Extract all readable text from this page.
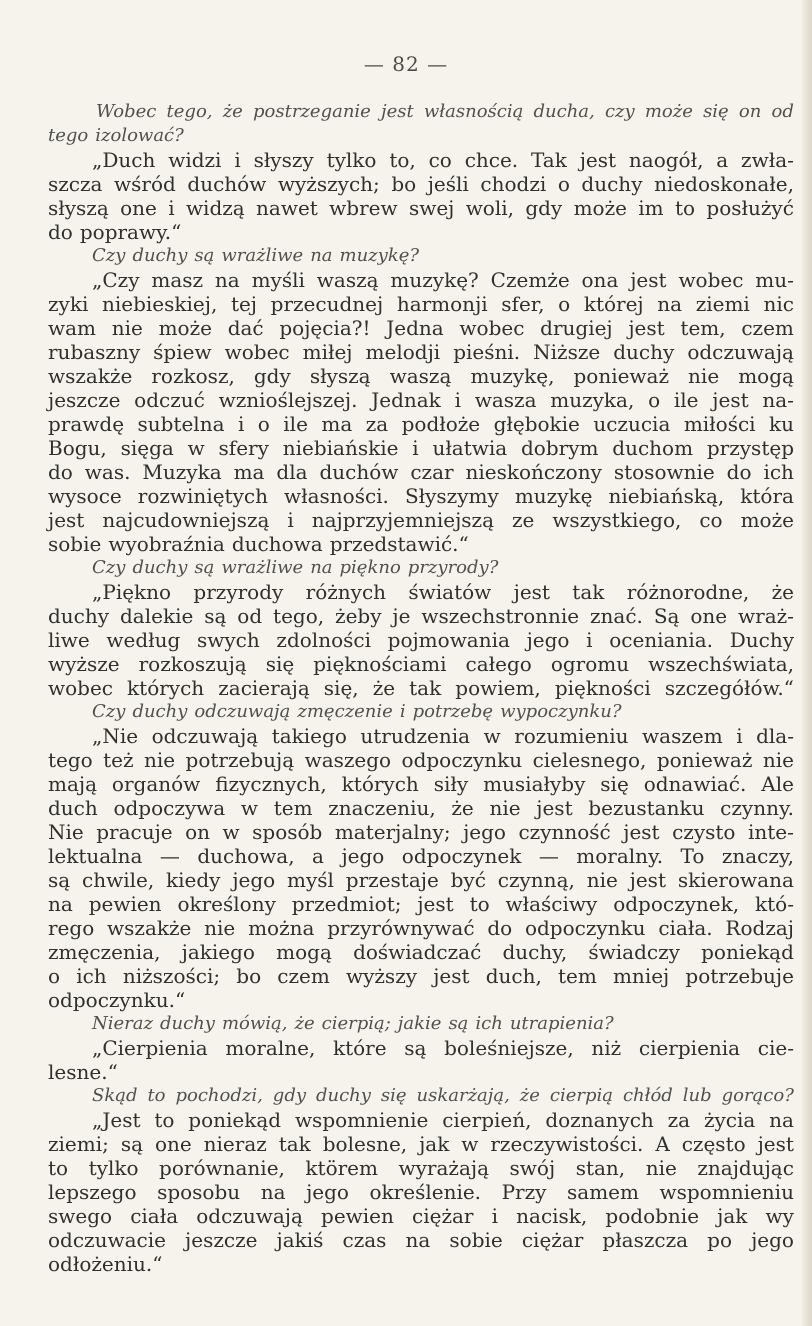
— 82 —
Wobec tego, że postrzeganie jest własnością ducha, czy może się on od
tego izolować?
„Duch widzi i słyszy tylko to, co chce. Tak jest naogół, a zwła-
szcza wśród duchów wyższych; bo jeśli chodzi o duchy niedoskonałe,
słyszą one i widzą nawet wbrew swej woli, gdy może im to posłużyć
do poprawy.“
Czy duchy są wrażliwe na muzykę?
„Czy masz na myśli waszą muzykę? Czemże ona jest wobec mu-
zyki niebieskiej, tej przecudnej harmonji sfer, o której na ziemi nic
wam nie może dać pojęcia?! Jedna wobec drugiej jest tem, czem
rubaszny śpiew wobec miłej melodji pieśni. Niższe duchy odczuwają
wszakże rozkosz, gdy słyszą waszą muzykę, ponieważ nie mogą
jeszcze odczuć wznioślejszej. Jednak i wasza muzyka, o ile jest na-
prawdę subtelna i o ile ma za podłoże głębokie uczucia miłości ku
Bogu, sięga w sfery niebiańskie i ułatwia dobrym duchom przystęp
do was. Muzyka ma dla duchów czar nieskończony stosownie do ich
wysoce rozwiniętych własności. Słyszymy muzykę niebiańską, która
jest najcudowniejszą i najprzyjemniejszą ze wszystkiego, co może
sobie wyobraźnia duchowa przedstawić.“
Czy duchy są wrażliwe na piękno przyrody?
„Piękno przyrody różnych światów jest tak różnorodne, że
duchy dalekie są od tego, żeby je wszechstronnie znać. Są one wraż-
liwe według swych zdolności pojmowania jego i oceniania. Duchy
wyższe rozkoszują się pięknościami całego ogromu wszechświata,
wobec których zacierają się, że tak powiem, piękności szczegółów.“
Czy duchy odczuwają zmęczenie i potrzebę wypoczynku?
„Nie odczuwają takiego utrudzenia w rozumieniu waszem i dla-
tego też nie potrzebują waszego odpoczynku cielesnego, ponieważ nie
mają organów fizycznych, których siły musiałyby się odnawiać. Ale
duch odpoczywa w tem znaczeniu, że nie jest bezustanku czynny.
Nie pracuje on w sposób materjalny; jego czynność jest czysto inte-
lektualna — duchowa, a jego odpoczynek — moralny. To znaczy,
są chwile, kiedy jego myśl przestaje być czynną, nie jest skierowana
na pewien określony przedmiot; jest to właściwy odpoczynek, któ-
rego wszakże nie można przyrównywać do odpoczynku ciała. Rodzaj
zmęczenia, jakiego mogą doświadczać duchy, świadczy poniekąd
o ich niższości; bo czem wyższy jest duch, tem mniej potrzebuje
odpoczynku.“
Nieraz duchy mówią, że cierpią; jakie są ich utrapienia?
„Cierpienia moralne, które są boleśniejsze, niż cierpienia cie-
lesne.“
Skąd to pochodzi, gdy duchy się uskarżają, że cierpią chłód lub gorąco?
„Jest to poniekąd wspomnienie cierpień, doznanych za życia na
ziemi; są one nieraz tak bolesne, jak w rzeczywistości. A często jest
to tylko porównanie, ktörem wyrażają swój stan, nie znajdując
lepszego sposobu na jego określenie. Przy samem wspomnieniu
swego ciała odczuwają pewien ciężar i nacisk, podobnie jak wy
odczuwacie jeszcze jakiś czas na sobie ciężar płaszcza po jego
odłożeniu.“
